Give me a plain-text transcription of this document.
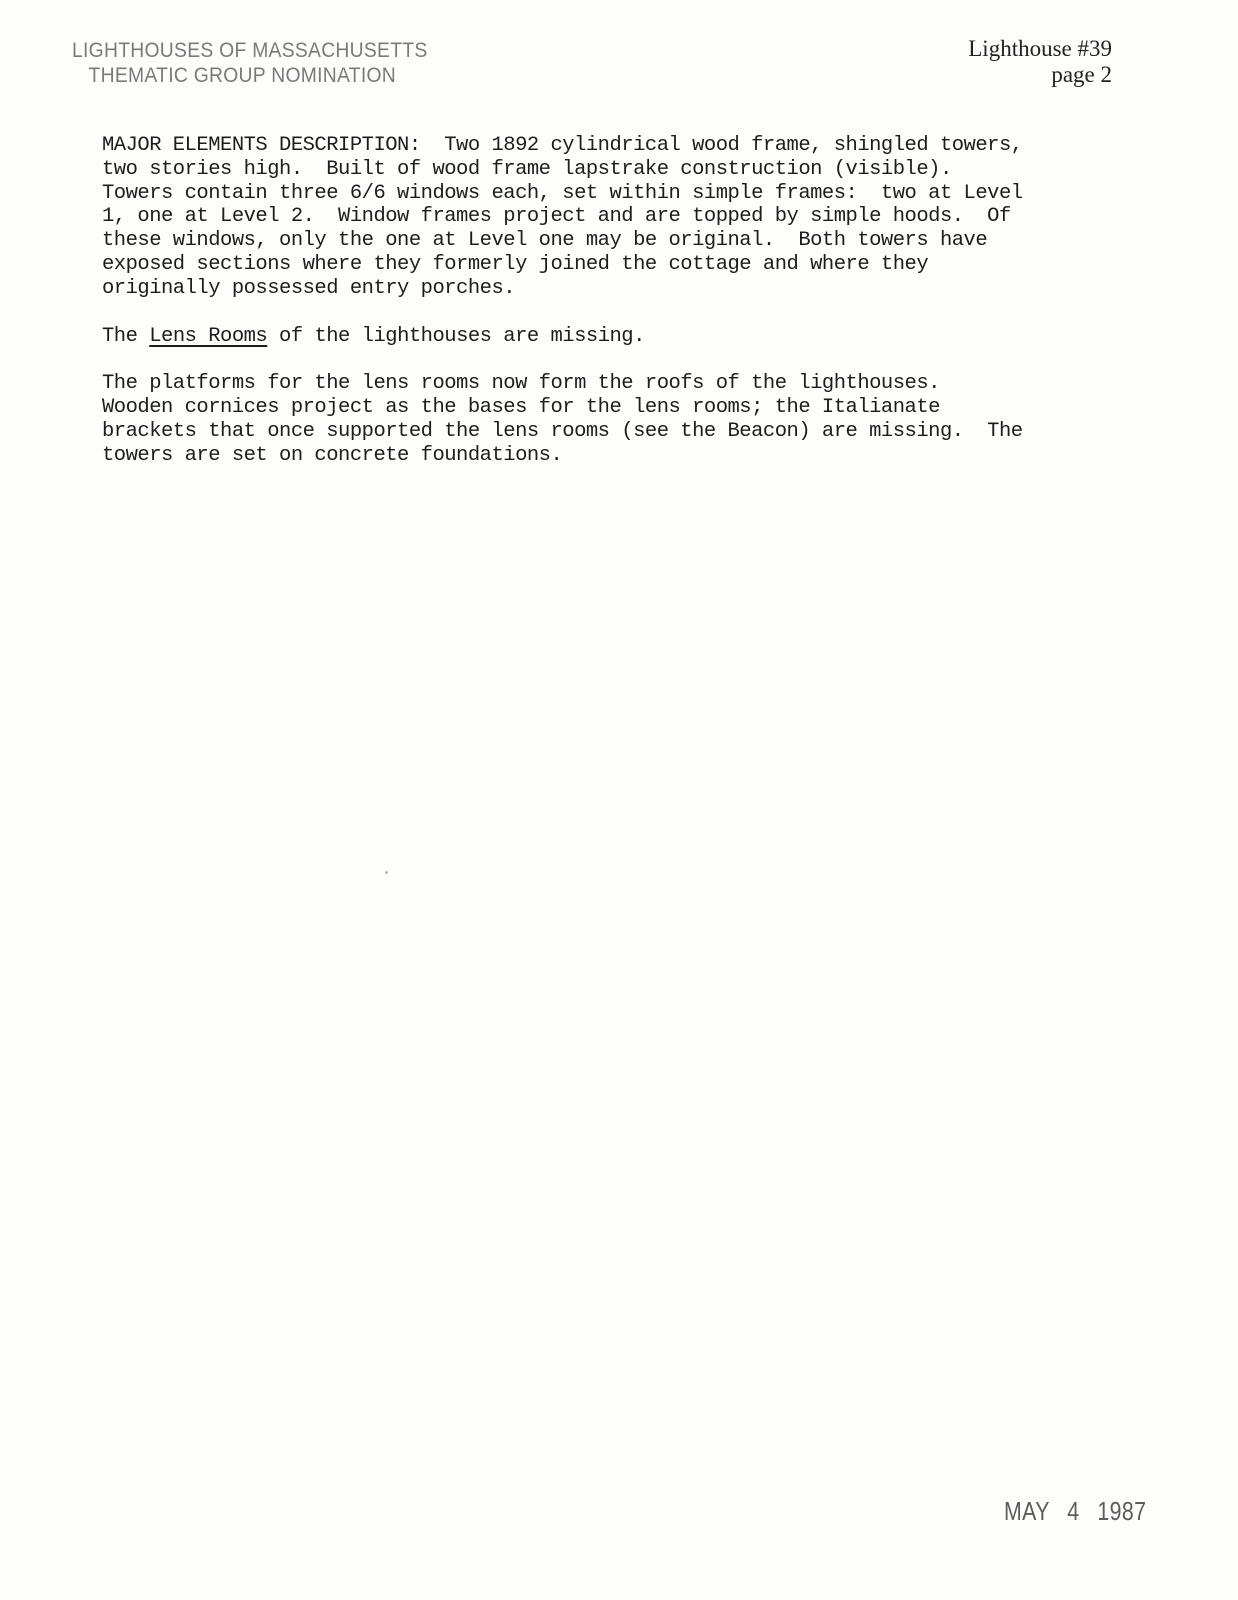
LIGHTHOUSES OF MASSACHUSETTS
THEMATIC GROUP NOMINATION
Lighthouse #39
page 2

MAJOR ELEMENTS DESCRIPTION:  Two 1892 cylindrical wood frame, shingled towers,
two stories high.  Built of wood frame lapstrake construction (visible).
Towers contain three 6/6 windows each, set within simple frames:  two at Level
1, one at Level 2.  Window frames project and are topped by simple hoods.  Of
these windows, only the one at Level one may be original.  Both towers have
exposed sections where they formerly joined the cottage and where they
originally possessed entry porches.

The Lens Rooms of the lighthouses are missing.

The platforms for the lens rooms now form the roofs of the lighthouses.
Wooden cornices project as the bases for the lens rooms; the Italianate
brackets that once supported the lens rooms (see the Beacon) are missing.  The
towers are set on concrete foundations.

MAY 4 1987
